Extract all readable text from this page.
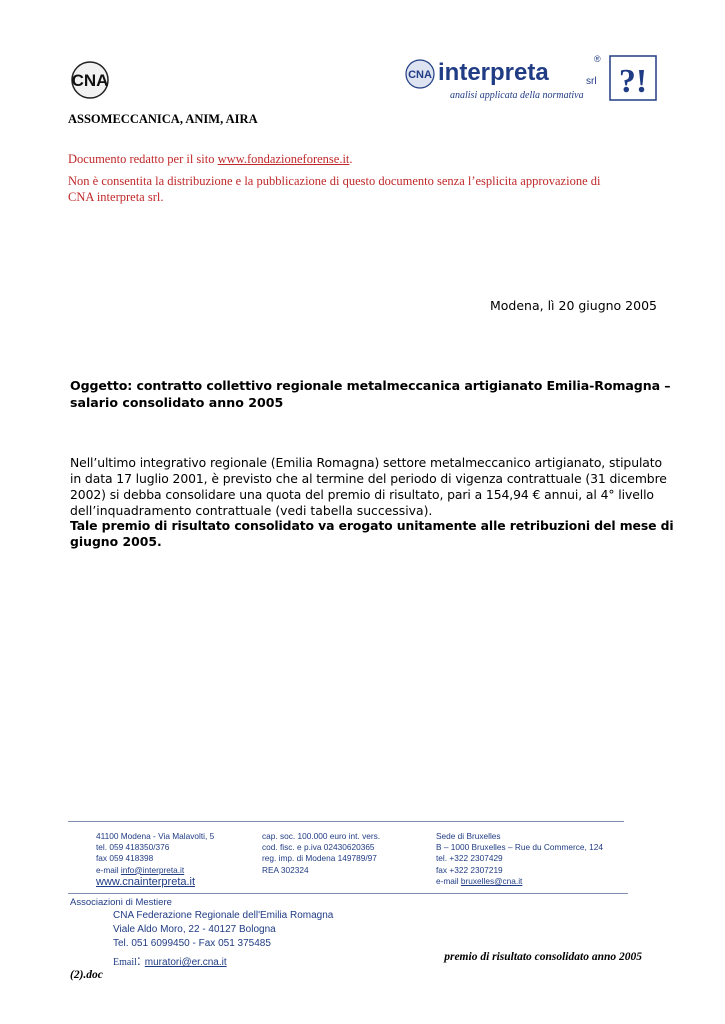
CNA	CNA interpreta	srl
®
analisi applicata della normativa ?!
ASSOMECCANICA, ANIM, AIRA
Documento redatto per il sito www.fondazioneforense.it.
Non è consentita la distribuzione e la pubblicazione di questo documento senza l’esplicita approvazione di
CNA interpreta srl.
Modena, lì 20 giugno 2005
Oggetto: contratto collettivo regionale metalmeccanica artigianato Emilia-Romagna –
salario consolidato anno 2005
Nell’ultimo integrativo regionale (Emilia Romagna) settore metalmeccanico artigianato, stipulato
in data 17 luglio 2001, è previsto che al termine del periodo di vigenza contrattuale (31 dicembre
2002) si debba consolidare una quota del premio di risultato, pari a 154,94 € annui, al 4° livello
dell’inquadramento contrattuale (vedi tabella successiva).
Tale premio di risultato consolidato va erogato unitamente alle retribuzioni del mese di
giugno 2005.
41100 Modena - Via Malavolti, 5
tel. 059 418350/376
fax 059 418398
e-mail info@interpreta.it
www.cnainterpreta.it
cap. soc. 100.000 euro int. vers.
cod. fisc. e p.iva 02430620365
reg. imp. di Modena 149789/97
REA 302324
Sede di Bruxelles
B – 1000 Bruxelles – Rue du Commerce, 124
tel. +322 2307429
fax +322 2307219
e-mail bruxelles@cna.it
Associazioni di Mestiere
CNA Federazione Regionale dell'Emilia Romagna
Viale Aldo Moro, 22 - 40127 Bologna
Tel. 051 6099450 - Fax 051 375485
Email: muratori@er.cna.it	premio di risultato consolidato anno 2005
(2).doc
